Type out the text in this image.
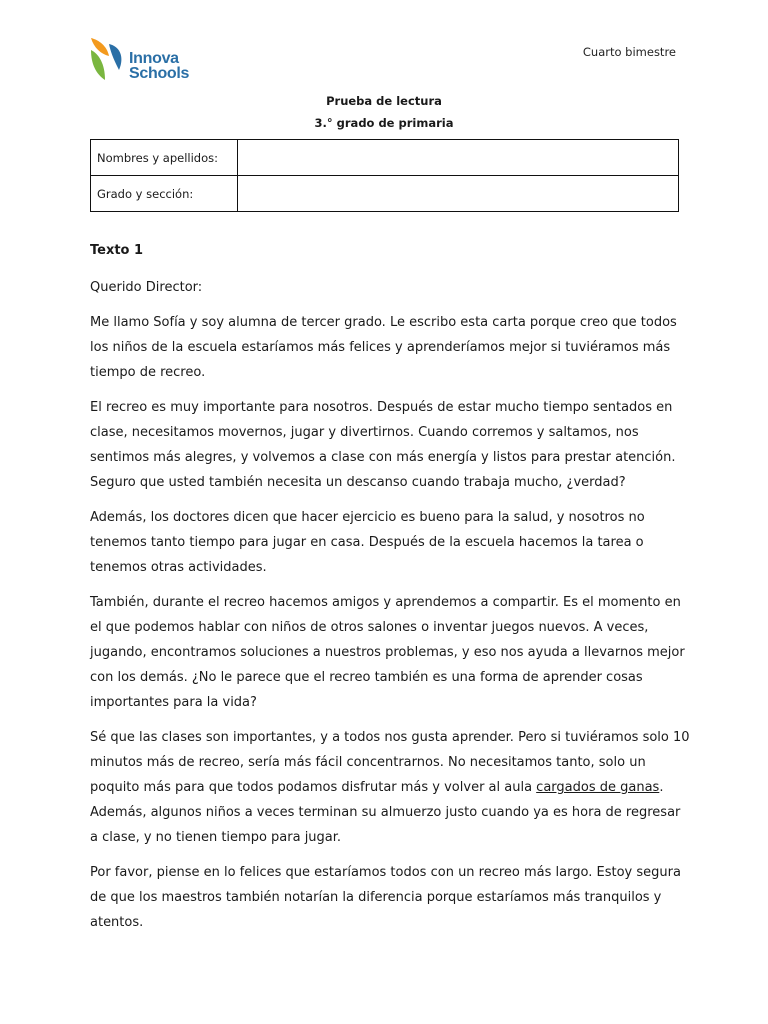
Innova
Schools
Cuarto bimestre
Prueba de lectura
3.° grado de primaria
Nombres y apellidos:	
Grado y sección:	
Texto 1

Querido Director:

Me llamo Sofía y soy alumna de tercer grado. Le escribo esta carta porque creo que todos los niños de la escuela estaríamos más felices y aprenderíamos mejor si tuviéramos más tiempo de recreo.

El recreo es muy importante para nosotros. Después de estar mucho tiempo sentados en clase, necesitamos movernos, jugar y divertirnos. Cuando corremos y saltamos, nos sentimos más alegres, y volvemos a clase con más energía y listos para prestar atención. Seguro que usted también necesita un descanso cuando trabaja mucho, ¿verdad?

Además, los doctores dicen que hacer ejercicio es bueno para la salud, y nosotros no tenemos tanto tiempo para jugar en casa. Después de la escuela hacemos la tarea o tenemos otras actividades.

También, durante el recreo hacemos amigos y aprendemos a compartir. Es el momento en el que podemos hablar con niños de otros salones o inventar juegos nuevos. A veces, jugando, encontramos soluciones a nuestros problemas, y eso nos ayuda a llevarnos mejor con los demás. ¿No le parece que el recreo también es una forma de aprender cosas importantes para la vida?

Sé que las clases son importantes, y a todos nos gusta aprender. Pero si tuviéramos solo 10 minutos más de recreo, sería más fácil concentrarnos. No necesitamos tanto, solo un poquito más para que todos podamos disfrutar más y volver al aula cargados de ganas. Además, algunos niños a veces terminan su almuerzo justo cuando ya es hora de regresar a clase, y no tienen tiempo para jugar.

Por favor, piense en lo felices que estaríamos todos con un recreo más largo. Estoy segura de que los maestros también notarían la diferencia porque estaríamos más tranquilos y atentos.
